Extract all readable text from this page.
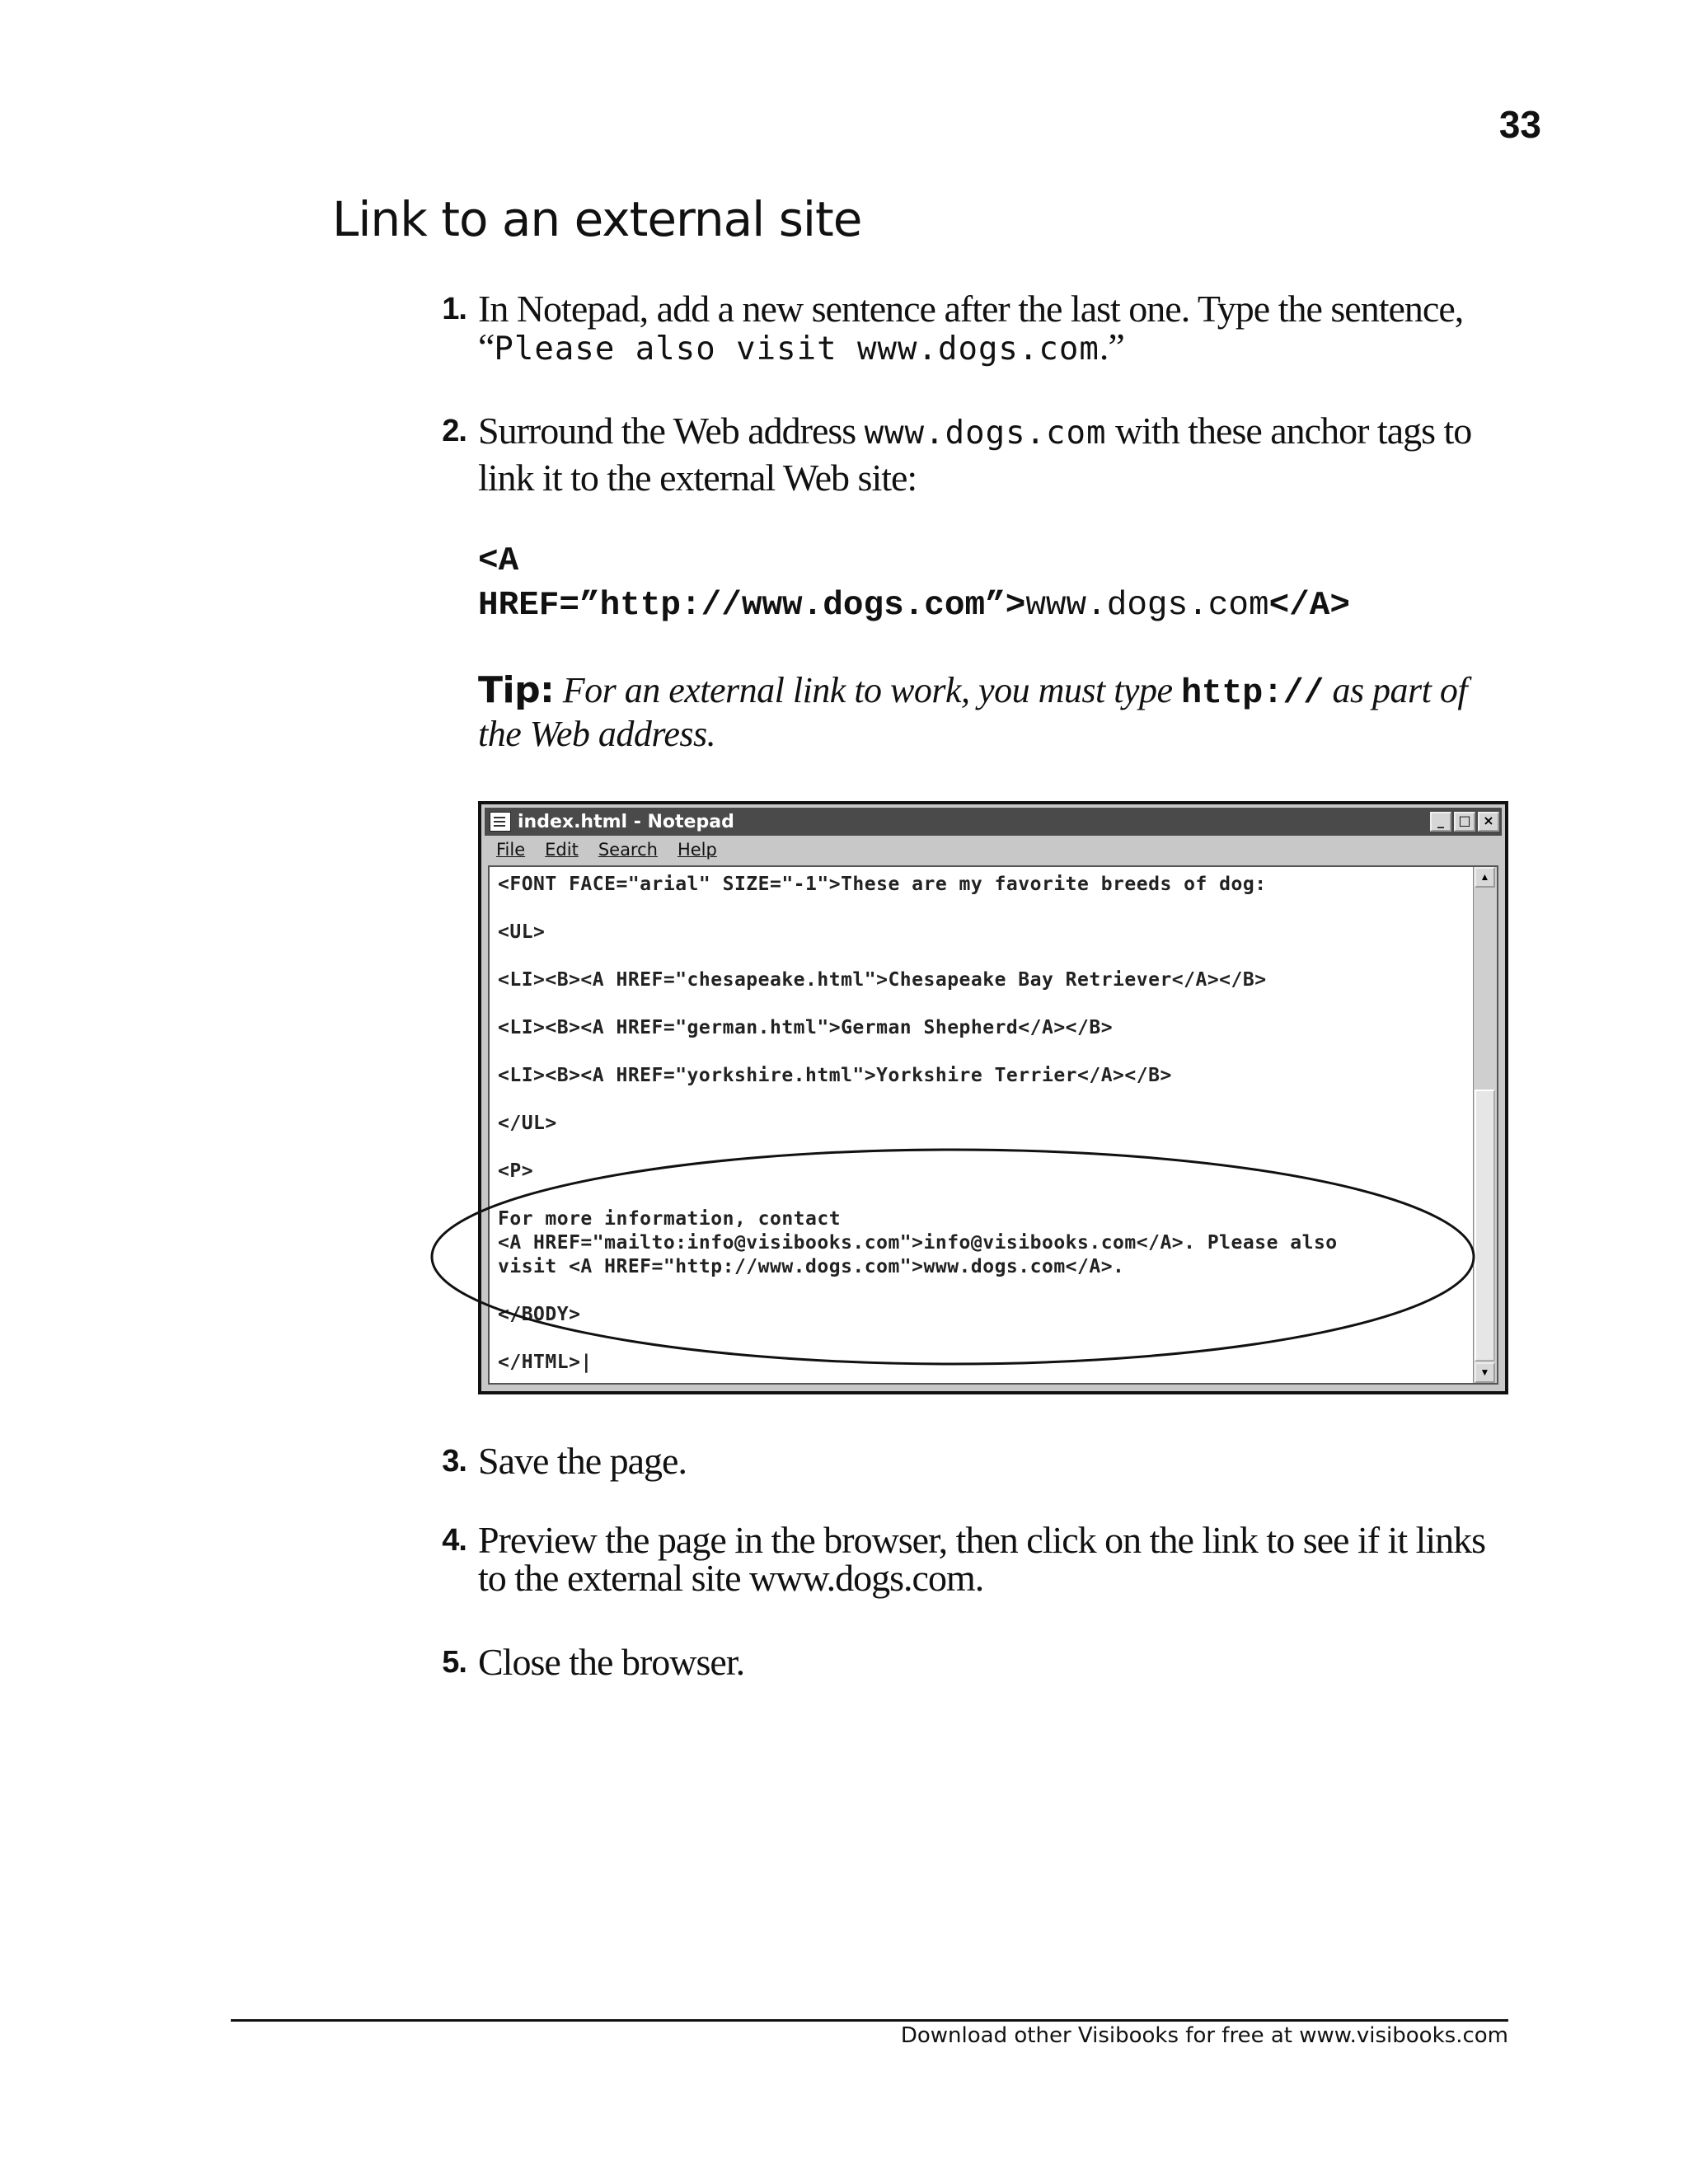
33
Link to an external site
1. In Notepad, add a new sentence after the last one. Type the sentence, “Please also visit www.dogs.com.”
2. Surround the Web address www.dogs.com with these anchor tags to link it to the external Web site:
<A
HREF=”http://www.dogs.com”>www.dogs.com</A>
Tip: For an external link to work, you must type http:// as part of the Web address.
index.html - Notepad	_	□ ×
File Edit Search Help
<FONT FACE="arial" SIZE="-1">These are my favorite breeds of dog:
<UL>
<LI><B><A HREF="chesapeake.html">Chesapeake Bay Retriever</A></B>
<LI><B><A HREF="german.html">German Shepherd</A></B>
<LI><B><A HREF="yorkshire.html">Yorkshire Terrier</A></B>
</UL>
<P>
For more information, contact
<A HREF="mailto:info@visibooks.com">info@visibooks.com</A>. Please also
visit <A HREF="http://www.dogs.com">www.dogs.com</A>.
</BODY>
</HTML>|
▲
▼
3. Save the page.
4. Preview the page in the browser, then click on the link to see if it links to the external site www.dogs.com.
5. Close the browser.
Download other Visibooks for free at www.visibooks.com
